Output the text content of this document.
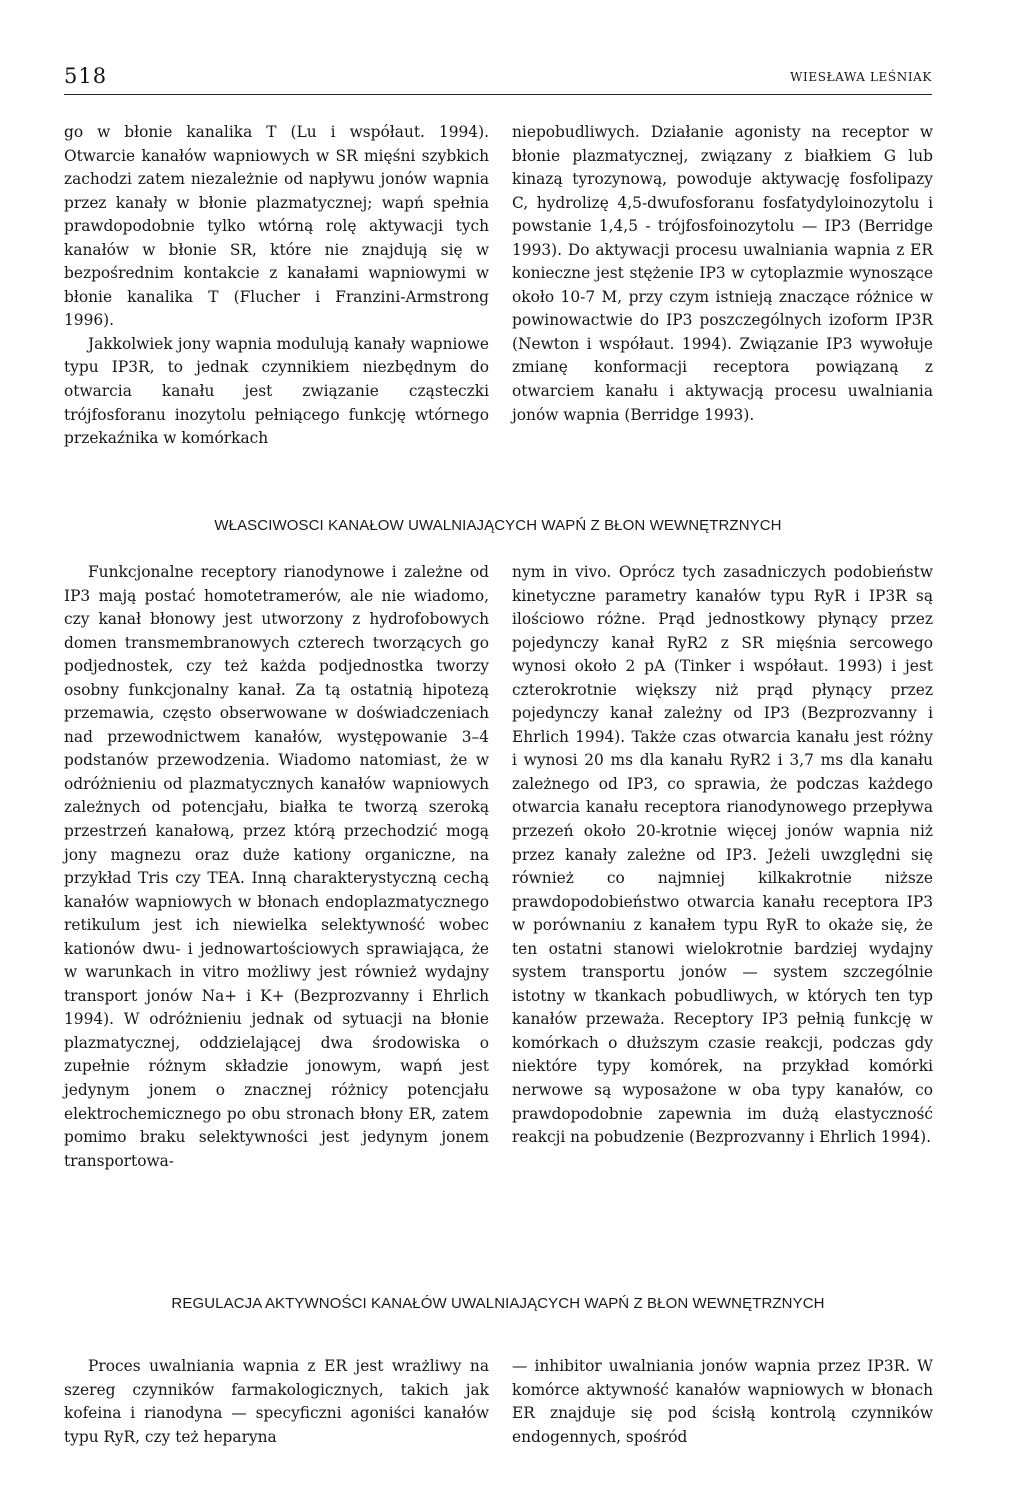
518	WIESŁAWA LEŚNIAK

go w błonie kanalika T (Lu i współaut. 1994). Otwarcie kanałów wapniowych w SR mięśni szybkich zachodzi zatem niezależnie od napływu jonów wapnia przez kanały w błonie plazmatycznej; wapń spełnia prawdopodobnie tylko wtórną rolę aktywacji tych kanałów w błonie SR, które nie znajdują się w bezpośrednim kontakcie z kanałami wapniowymi w błonie kanalika T (Flucher i Franzini-Armstrong 1996).

Jakkolwiek jony wapnia modulują kanały wapniowe typu IP3R, to jednak czynnikiem niezbędnym do otwarcia kanału jest związanie cząsteczki trójfosforanu inozytolu pełniącego funkcję wtórnego przekaźnika w komórkach

niepobudliwych. Działanie agonisty na receptor w błonie plazmatycznej, związany z białkiem G lub kinazą tyrozynową, powoduje aktywację fosfolipazy C, hydrolizę 4,5-dwufosforanu fosfatydyloinozytolu i powstanie 1,4,5 - trójfosfoinozytolu — IP3 (Berridge 1993). Do aktywacji procesu uwalniania wapnia z ER konieczne jest stężenie IP3 w cytoplazmie wynoszące około 10-7 M, przy czym istnieją znaczące różnice w powinowactwie do IP3 poszczególnych izoform IP3R (Newton i współaut. 1994). Związanie IP3 wywołuje zmianę konformacji receptora powiązaną z otwarciem kanału i aktywacją procesu uwalniania jonów wapnia (Berridge 1993).

WŁASCIWOSCI KANAŁOW UWALNIAJĄCYCH WAPŃ Z BŁON WEWNĘTRZNYCH

Funkcjonalne receptory rianodynowe i zależne od IP3 mają postać homotetramerów, ale nie wiadomo, czy kanał błonowy jest utworzony z hydrofobowych domen transmembranowych czterech tworzących go podjednostek, czy też każda podjednostka tworzy osobny funkcjonalny kanał. Za tą ostatnią hipotezą przemawia, często obserwowane w doświadczeniach nad przewodnictwem kanałów, występowanie 3–4 podstanów przewodzenia. Wiadomo natomiast, że w odróżnieniu od plazmatycznych kanałów wapniowych zależnych od potencjału, białka te tworzą szeroką przestrzeń kanałową, przez którą przechodzić mogą jony magnezu oraz duże kationy organiczne, na przykład Tris czy TEA. Inną charakterystyczną cechą kanałów wapniowych w błonach endoplazmatycznego retikulum jest ich niewielka selektywność wobec kationów dwu- i jednowartościowych sprawiająca, że w warunkach in vitro możliwy jest również wydajny transport jonów Na+ i K+ (Bezprozvanny i Ehrlich 1994). W odróżnieniu jednak od sytuacji na błonie plazmatycznej, oddzielającej dwa środowiska o zupełnie różnym składzie jonowym, wapń jest jedynym jonem o znacznej różnicy potencjału elektrochemicznego po obu stronach błony ER, zatem pomimo braku selektywności jest jedynym jonem transportowa-

nym in vivo. Oprócz tych zasadniczych podobieństw kinetyczne parametry kanałów typu RyR i IP3R są ilościowo różne. Prąd jednostkowy płynący przez pojedynczy kanał RyR2 z SR mięśnia sercowego wynosi około 2 pA (Tinker i współaut. 1993) i jest czterokrotnie większy niż prąd płynący przez pojedynczy kanał zależny od IP3 (Bezprozvanny i Ehrlich 1994). Także czas otwarcia kanału jest różny i wynosi 20 ms dla kanału RyR2 i 3,7 ms dla kanału zależnego od IP3, co sprawia, że podczas każdego otwarcia kanału receptora rianodynowego przepływa przezeń około 20-krotnie więcej jonów wapnia niż przez kanały zależne od IP3. Jeżeli uwzględni się również co najmniej kilkakrotnie niższe prawdopodobieństwo otwarcia kanału receptora IP3 w porównaniu z kanałem typu RyR to okaże się, że ten ostatni stanowi wielokrotnie bardziej wydajny system transportu jonów — system szczególnie istotny w tkankach pobudliwych, w których ten typ kanałów przeważa. Receptory IP3 pełnią funkcję w komórkach o dłuższym czasie reakcji, podczas gdy niektóre typy komórek, na przykład komórki nerwowe są wyposażone w oba typy kanałów, co prawdopodobnie zapewnia im dużą elastyczność reakcji na pobudzenie (Bezprozvanny i Ehrlich 1994).

REGULACJA AKTYWNOŚCI KANAŁÓW UWALNIAJĄCYCH WAPŃ Z BŁON WEWNĘTRZNYCH

Proces uwalniania wapnia z ER jest wrażliwy na szereg czynników farmakologicznych, takich jak kofeina i rianodyna — specyficzni agoniści kanałów typu RyR, czy też heparyna

— inhibitor uwalniania jonów wapnia przez IP3R. W komórce aktywność kanałów wapniowych w błonach ER znajduje się pod ścisłą kontrolą czynników endogennych, spośród
